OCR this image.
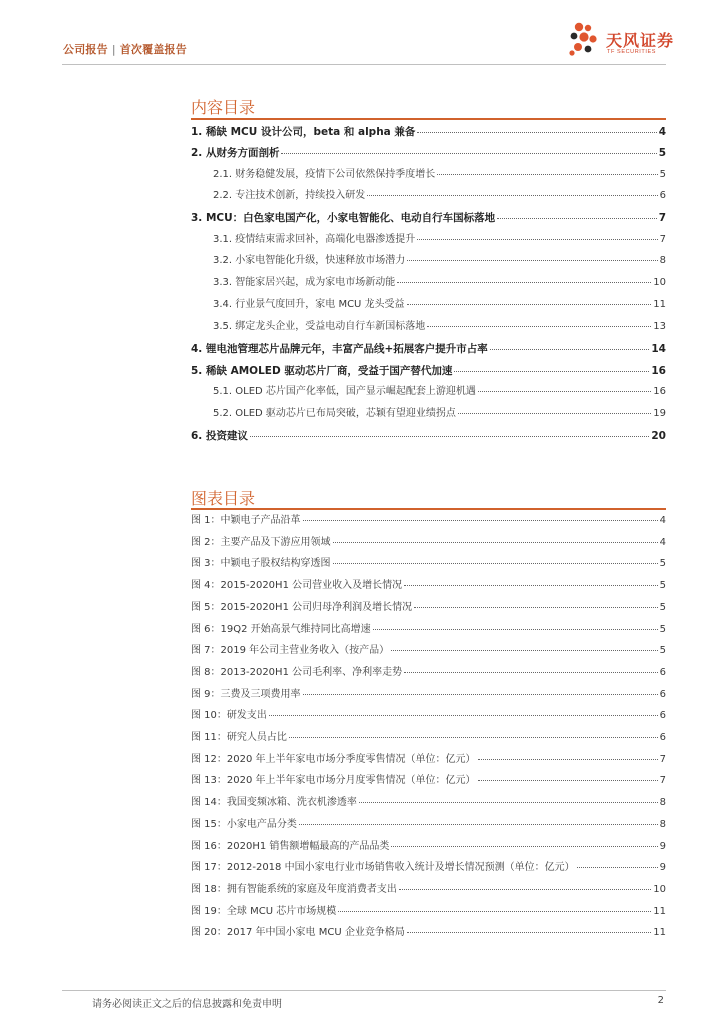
公司报告 | 首次覆盖报告	天风证券
TF SECURITIES
内容目录
1. 稀缺 MCU 设计公司，beta 和 alpha 兼备	4
2. 从财务方面剖析	5
2.1. 财务稳健发展，疫情下公司依然保持季度增长	5
2.2. 专注技术创新，持续投入研发	6
3. MCU：白色家电国产化，小家电智能化、电动自行车国标落地	7
3.1. 疫情结束需求回补，高端化电器渗透提升	7
3.2. 小家电智能化升级，快速释放市场潜力	8
3.3. 智能家居兴起，成为家电市场新动能	10
3.4. 行业景气度回升，家电 MCU 龙头受益	11
3.5. 绑定龙头企业，受益电动自行车新国标落地	13
4. 锂电池管理芯片品牌元年，丰富产品线+拓展客户提升市占率	14
5. 稀缺 AMOLED 驱动芯片厂商，受益于国产替代加速	16
5.1. OLED 芯片国产化率低，国产显示崛起配套上游迎机遇	16
5.2. OLED 驱动芯片已布局突破，芯颖有望迎业绩拐点	19
6. 投资建议	20
图表目录
图 1：中颖电子产品沿革	4
图 2：主要产品及下游应用领域	4
图 3：中颖电子股权结构穿透图	5
图 4：2015-2020H1 公司营业收入及增长情况	5
图 5：2015-2020H1 公司归母净利润及增长情况	5
图 6：19Q2 开始高景气维持同比高增速	5
图 7：2019 年公司主营业务收入（按产品）	5
图 8：2013-2020H1 公司毛利率、净利率走势	6
图 9：三费及三项费用率	6
图 10：研发支出	6
图 11：研究人员占比	6
图 12：2020 年上半年家电市场分季度零售情况（单位：亿元）	7
图 13：2020 年上半年家电市场分月度零售情况（单位：亿元）	7
图 14：我国变频冰箱、洗衣机渗透率	8
图 15：小家电产品分类	8
图 16：2020H1 销售额增幅最高的产品品类	9
图 17：2012-2018 中国小家电行业市场销售收入统计及增长情况预测（单位：亿元）	9
图 18：拥有智能系统的家庭及年度消费者支出	10
图 19：全球 MCU 芯片市场规模	11
图 20：2017 年中国小家电 MCU 企业竞争格局	11
请务必阅读正文之后的信息披露和免责申明	2
